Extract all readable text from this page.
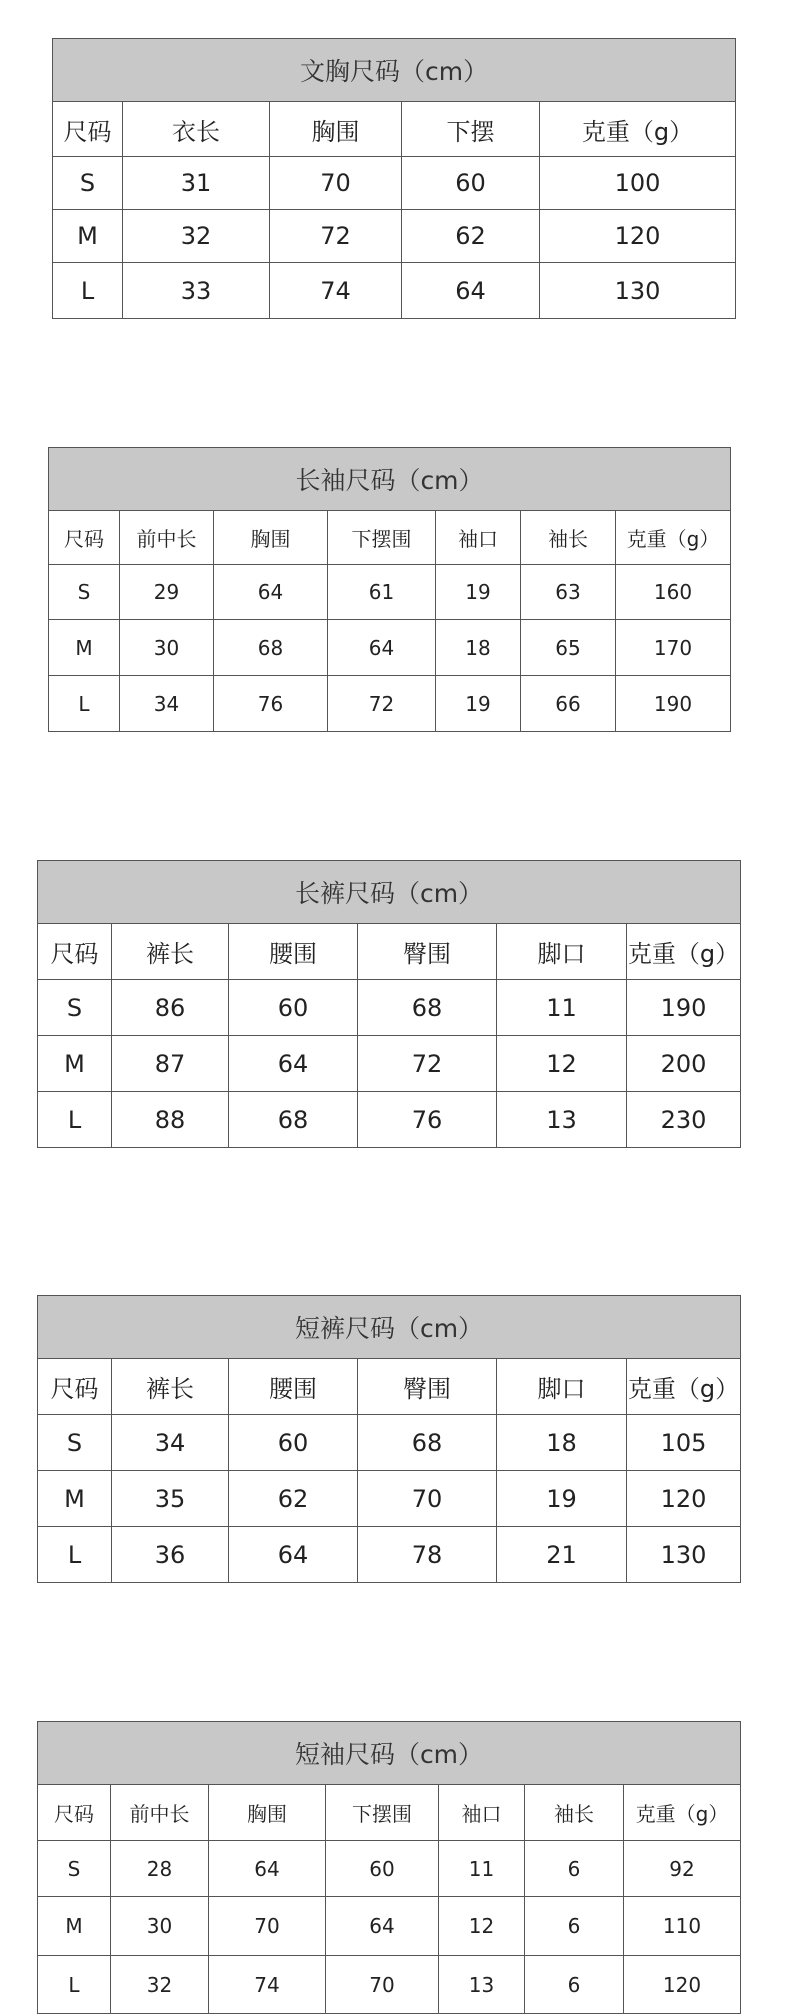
文胸尺码（cm）				
尺码	衣长	胸围	下摆	克重（g）
S	31	70	60	100
M	32	72	62	120
L	33	74	64	130
长袖尺码（cm）						
尺码	前中长	胸围	下摆围	袖口	袖长	克重（g）
S	29	64	61	19	63	160
M	30	68	64	18	65	170
L	34	76	72	19	66	190
长裤尺码（cm）					
尺码	裤长	腰围	臀围	脚口	克重（g）
S	86	60	68	11	190
M	87	64	72	12	200
L	88	68	76	13	230
短裤尺码（cm）					
尺码	裤长	腰围	臀围	脚口	克重（g）
S	34	60	68	18	105
M	35	62	70	19	120
L	36	64	78	21	130
短袖尺码（cm）						
尺码	前中长	胸围	下摆围	袖口	袖长	克重（g）
S	28	64	60	11	6	92
M	30	70	64	12	6	110
L	32	74	70	13	6	120
